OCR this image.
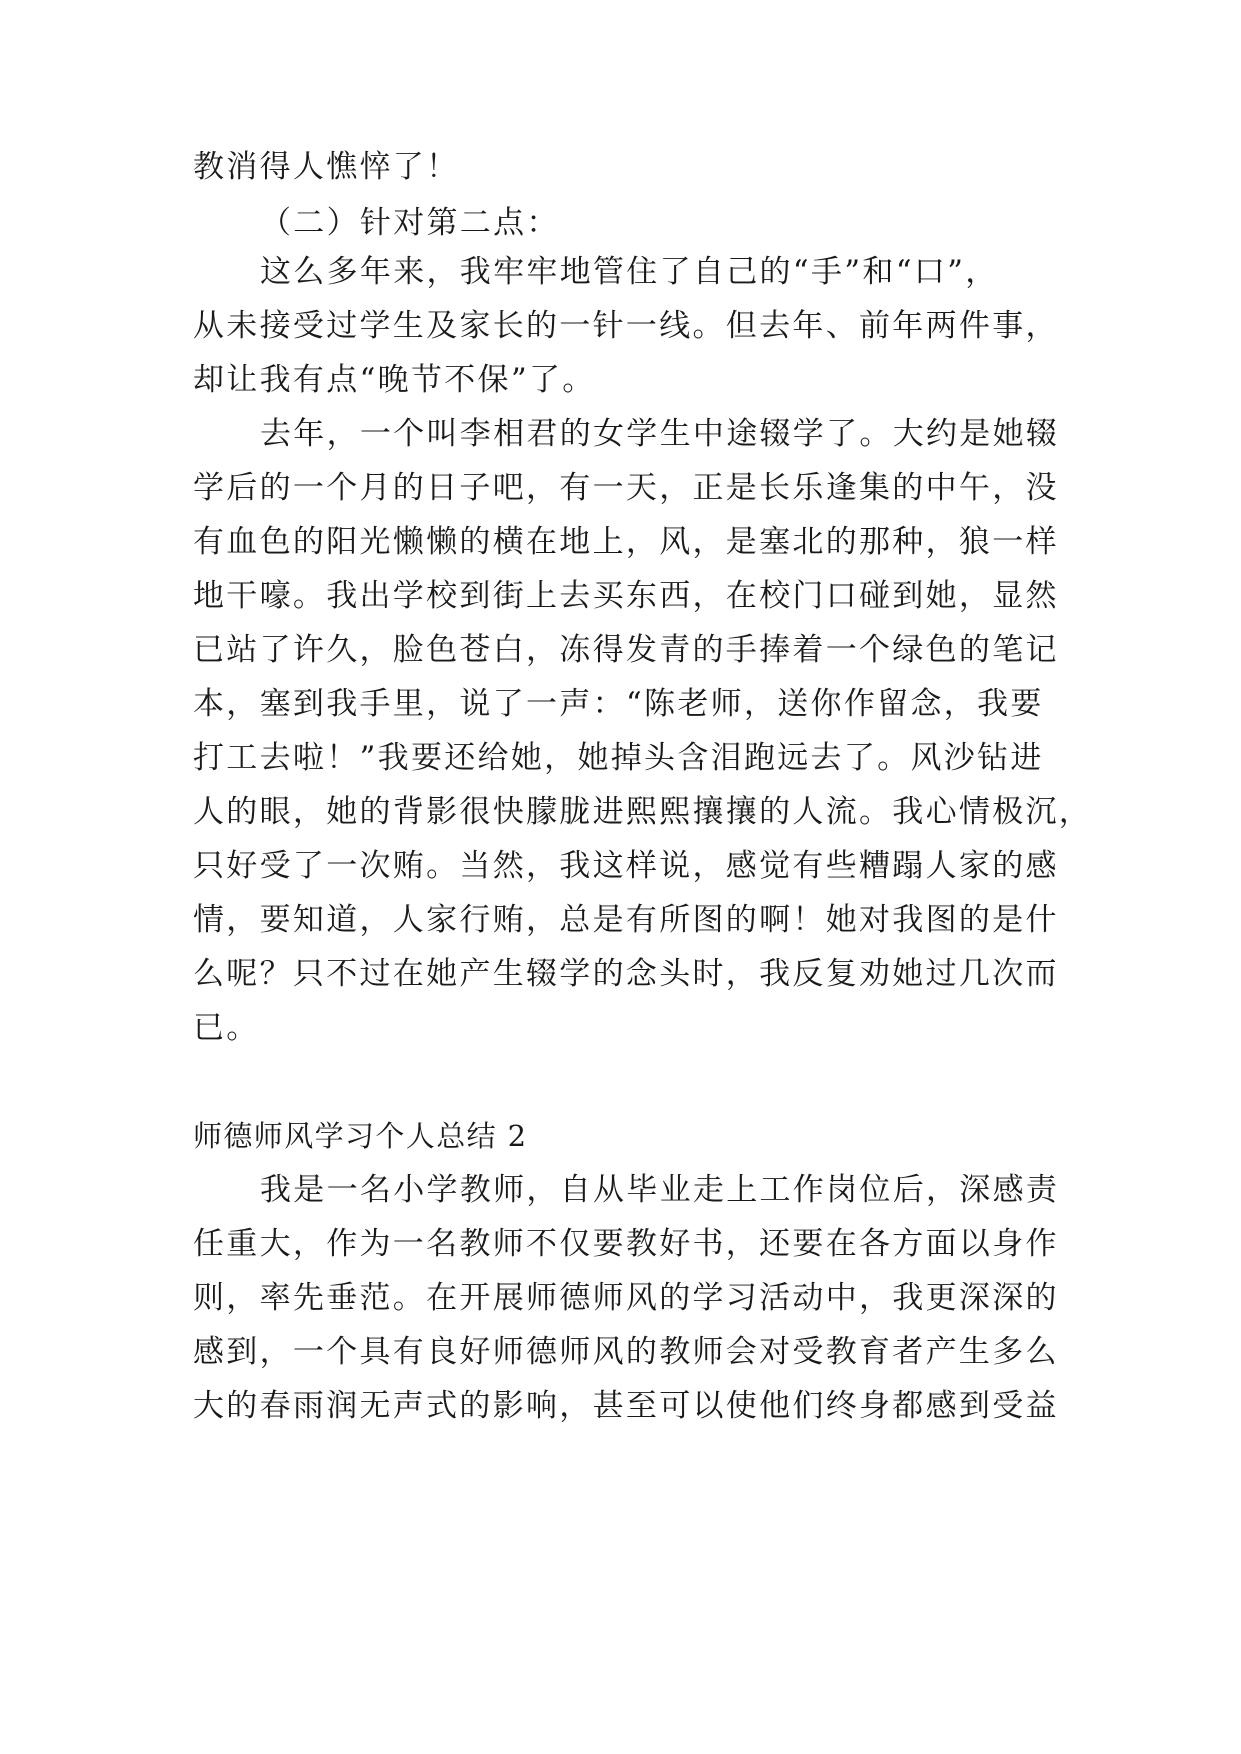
教消得人憔悴了！
（二）针对第二点：
这么多年来，我牢牢地管住了自己的“手”和“口”，
从未接受过学生及家长的一针一线。但去年、前年两件事，
却让我有点“晚节不保”了。
去年，一个叫李相君的女学生中途辍学了。大约是她辍
学后的一个月的日子吧，有一天，正是长乐逢集的中午，没
有血色的阳光懒懒的横在地上，风，是塞北的那种，狼一样
地干嚎。我出学校到街上去买东西，在校门口碰到她，显然
已站了许久，脸色苍白，冻得发青的手捧着一个绿色的笔记
本，塞到我手里，说了一声：“陈老师，送你作留念，我要
打工去啦！”我要还给她，她掉头含泪跑远去了。风沙钻进
人的眼，她的背影很快朦胧进熙熙攘攘的人流。我心情极沉，
只好受了一次贿。当然，我这样说，感觉有些糟蹋人家的感
情，要知道，人家行贿，总是有所图的啊！她对我图的是什
么呢？只不过在她产生辍学的念头时，我反复劝她过几次而
已。
师德师风学习个人总结 2
我是一名小学教师，自从毕业走上工作岗位后，深感责
任重大，作为一名教师不仅要教好书，还要在各方面以身作
则，率先垂范。在开展师德师风的学习活动中，我更深深的
感到，一个具有良好师德师风的教师会对受教育者产生多么
大的春雨润无声式的影响，甚至可以使他们终身都感到受益
